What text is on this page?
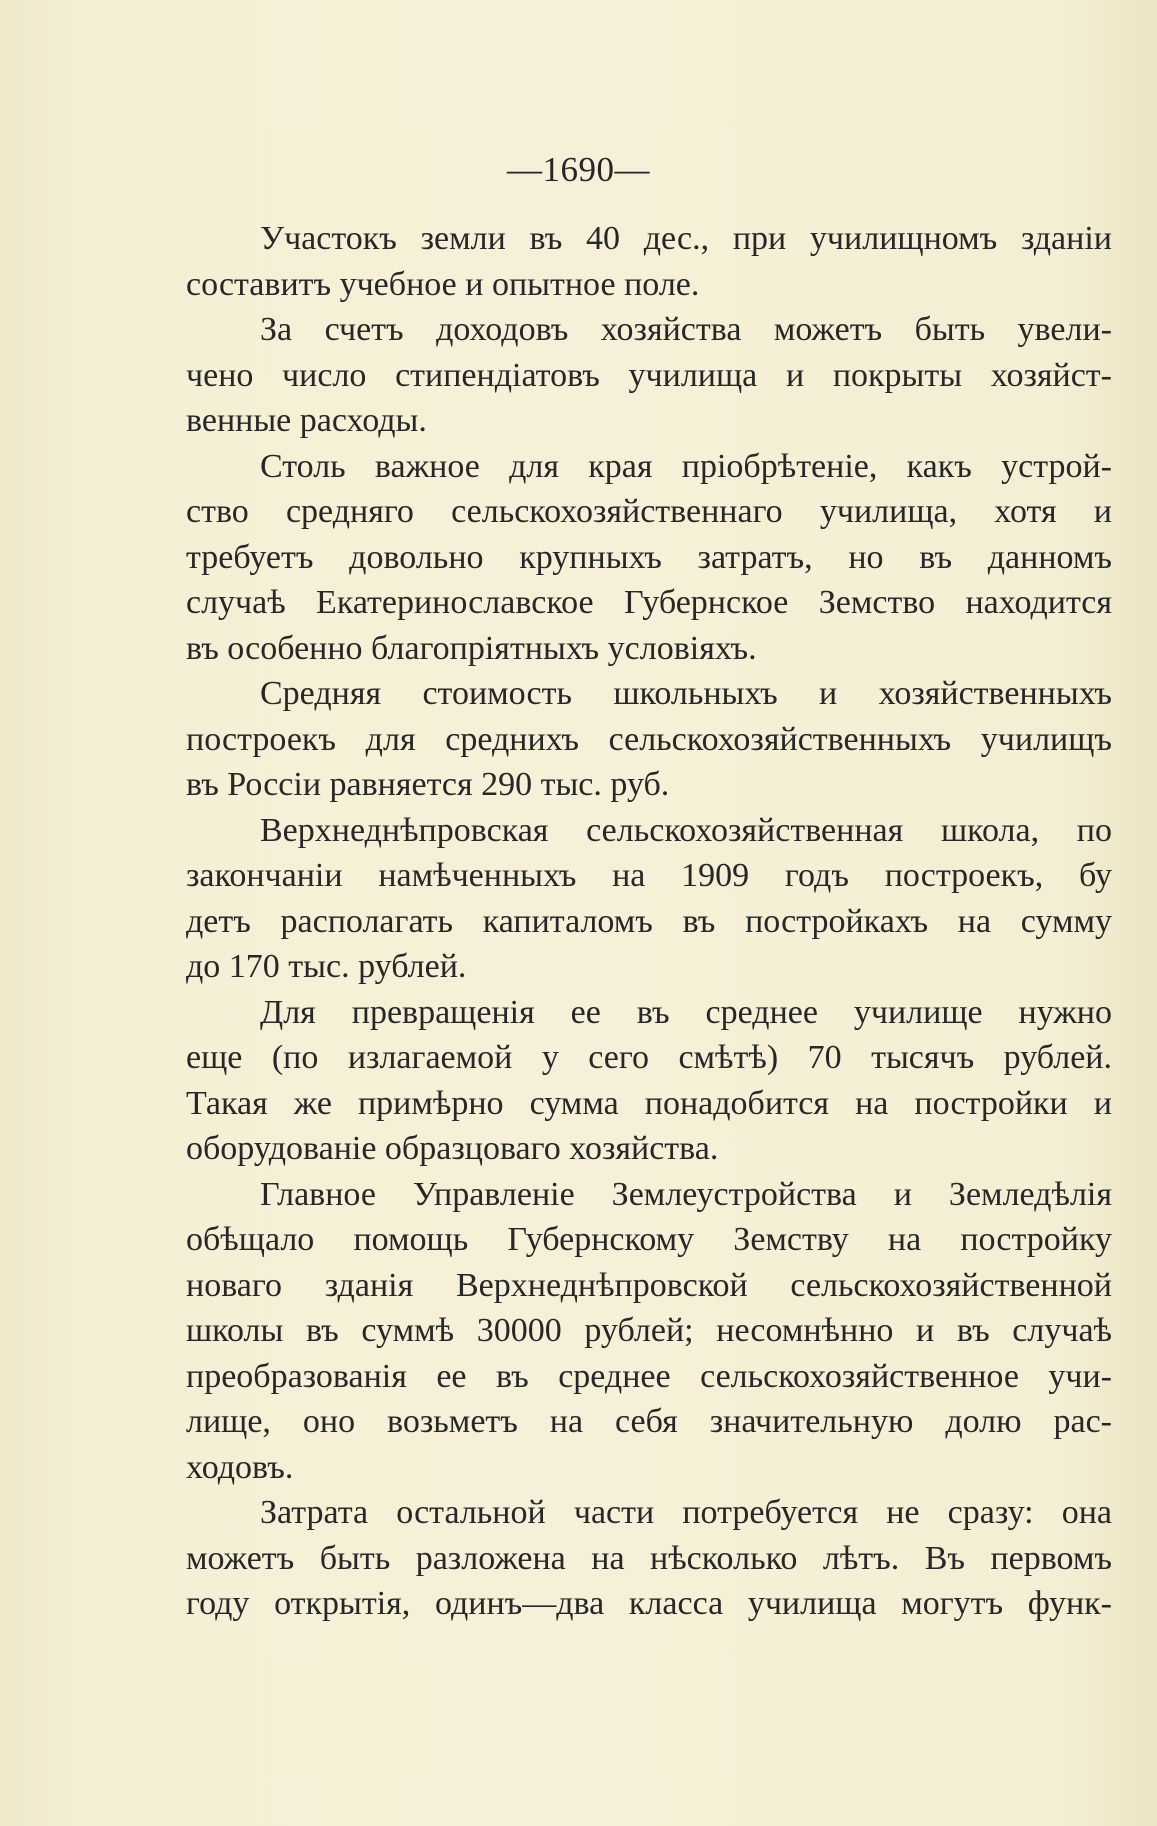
—1690—
Участокъ земли въ 40 дес., при училищномъ зданіи
составитъ учебное и опытное поле.
За счетъ доходовъ хозяйства можетъ быть увели-
чено число стипендіатовъ училища и покрыты хозяйст-
венные расходы.
Столь важное для края пріобрѣтеніе, какъ устрой-
ство средняго сельскохозяйственнаго училища, хотя и
требуетъ довольно крупныхъ затратъ, но въ данномъ
случаѣ Екатеринославское Губернское Земство находится
въ особенно благопріятныхъ условіяхъ.
Средняя стоимость школьныхъ и хозяйственныхъ
построекъ для среднихъ сельскохозяйственныхъ училищъ
въ Россіи равняется 290 тыс. руб.
Верхнеднѣпровская сельскохозяйственная школа, по
закончаніи намѣченныхъ на 1909 годъ построекъ, бу
детъ располагать капиталомъ въ постройкахъ на сумму
до 170 тыс. рублей.
Для превращенія ее въ среднее училище нужно
еще (по излагаемой у сего смѣтѣ) 70 тысячъ рублей.
Такая же примѣрно сумма понадобится на постройки и
оборудованіе образцоваго хозяйства.
Главное Управленіе Землеустройства и Земледѣлія
обѣщало помощь Губернскому Земству на постройку
новаго зданія Верхнеднѣпровской сельскохозяйственной
школы въ суммѣ 30000 рублей; несомнѣнно и въ случаѣ
преобразованія ее въ среднее сельскохозяйственное учи-
лище, оно возьметъ на себя значительную долю рас-
ходовъ.
Затрата остальной части потребуется не сразу: она
можетъ быть разложена на нѣсколько лѣтъ. Въ первомъ
году открытія, одинъ—два класса училища могутъ функ-
